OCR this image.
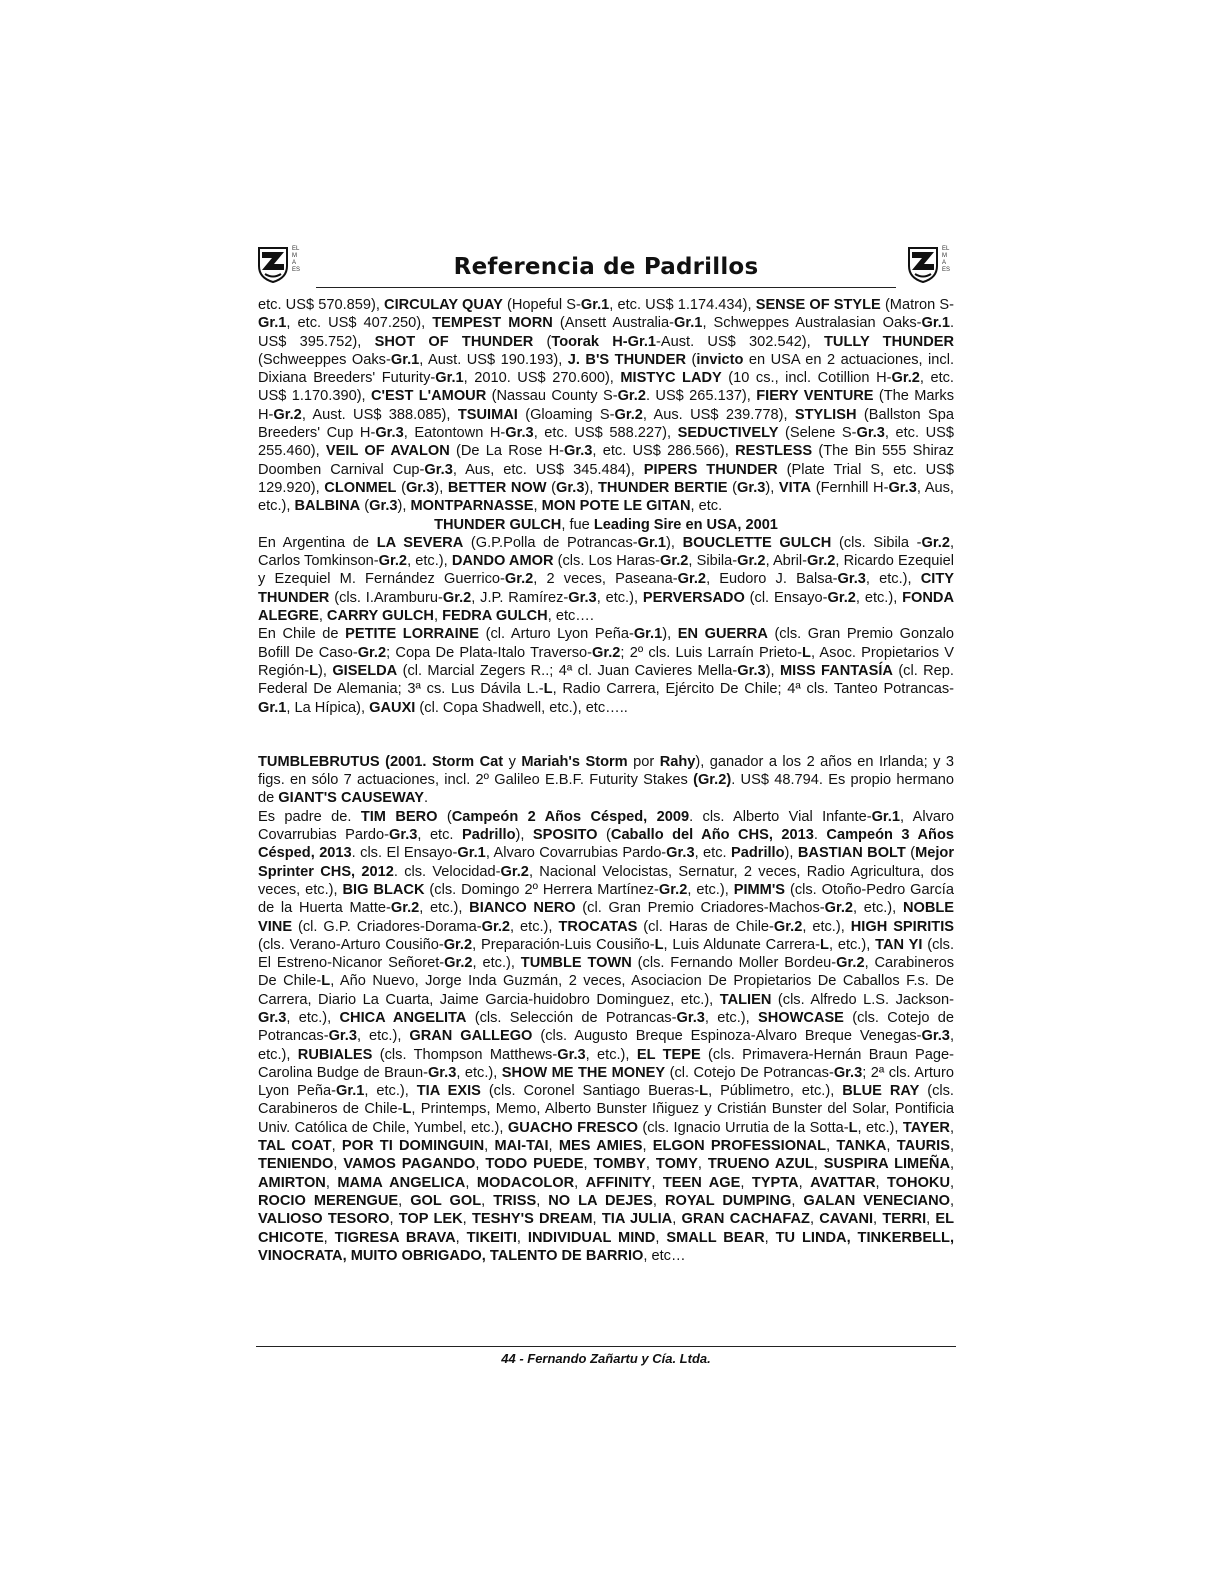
ELMA ES	Referencia de Padrillos
ELMA ES

etc. US$ 570.859), CIRCULAY QUAY (Hopeful S-Gr.1, etc. US$ 1.174.434), SENSE OF STYLE (Matron S-Gr.1, etc. US$ 407.250), TEMPEST MORN (Ansett Australia-Gr.1, Schweppes Australasian Oaks-Gr.1. US$ 395.752), SHOT OF THUNDER (Toorak H-Gr.1-Aust. US$ 302.542), TULLY THUNDER (Schweeppes Oaks-Gr.1, Aust. US$ 190.193), J. B'S THUNDER (invicto en USA en 2 actuaciones, incl. Dixiana Breeders' Futurity-Gr.1, 2010. US$ 270.600), MISTYC LADY (10 cs., incl. Cotillion H-Gr.2, etc. US$ 1.170.390), C'EST L'AMOUR (Nassau County S-Gr.2. US$ 265.137), FIERY VENTURE (The Marks H-Gr.2, Aust. US$ 388.085), TSUIMAI (Gloaming S-Gr.2, Aus. US$ 239.778), STYLISH (Ballston Spa Breeders' Cup H-Gr.3, Eatontown H-Gr.3, etc. US$ 588.227), SEDUCTIVELY (Selene S-Gr.3, etc. US$ 255.460), VEIL OF AVALON (De La Rose H-Gr.3, etc. US$ 286.566), RESTLESS (The Bin 555 Shiraz Doomben Carnival Cup-Gr.3, Aus, etc. US$ 345.484), PIPERS THUNDER (Plate Trial S, etc. US$ 129.920), CLONMEL (Gr.3), BETTER NOW (Gr.3), THUNDER BERTIE (Gr.3), VITA (Fernhill H-Gr.3, Aus, etc.), BALBINA (Gr.3), MONTPARNASSE, MON POTE LE GITAN, etc.

THUNDER GULCH, fue Leading Sire en USA, 2001

En Argentina de LA SEVERA (G.P.Polla de Potrancas-Gr.1), BOUCLETTE GULCH (cls. Sibila -Gr.2, Carlos Tomkinson-Gr.2, etc.), DANDO AMOR (cls. Los Haras-Gr.2, Sibila-Gr.2, Abril-Gr.2, Ricardo Ezequiel y Ezequiel M. Fernández Guerrico-Gr.2, 2 veces, Paseana-Gr.2, Eudoro J. Balsa-Gr.3, etc.), CITY THUNDER (cls. I.Aramburu-Gr.2, J.P. Ramírez-Gr.3, etc.), PERVERSADO (cl. Ensayo-Gr.2, etc.), FONDA ALEGRE, CARRY GULCH, FEDRA GULCH, etc….

En Chile de PETITE LORRAINE (cl. Arturo Lyon Peña-Gr.1), EN GUERRA (cls. Gran Premio Gonzalo Bofill De Caso-Gr.2; Copa De Plata-Italo Traverso-Gr.2; 2º cls. Luis Larraín Prieto-L, Asoc. Propietarios V Región-L), GISELDA (cl. Marcial Zegers R..; 4ª cl. Juan Cavieres Mella-Gr.3), MISS FANTASÍA (cl. Rep. Federal De Alemania; 3ª cs. Lus Dávila L.-L, Radio Carrera, Ejército De Chile; 4ª cls. Tanteo Potrancas-Gr.1, La Hípica), GAUXI (cl. Copa Shadwell, etc.), etc…..

TUMBLEBRUTUS (2001. Storm Cat y Mariah's Storm por Rahy), ganador a los 2 años en Irlanda; y 3 figs. en sólo 7 actuaciones, incl. 2º Galileo E.B.F. Futurity Stakes (Gr.2). US$ 48.794. Es propio hermano de GIANT'S CAUSEWAY.

Es padre de. TIM BERO (Campeón 2 Años Césped, 2009. cls. Alberto Vial Infante-Gr.1, Alvaro Covarrubias Pardo-Gr.3, etc. Padrillo), SPOSITO (Caballo del Año CHS, 2013. Campeón 3 Años Césped, 2013. cls. El Ensayo-Gr.1, Alvaro Covarrubias Pardo-Gr.3, etc. Padrillo), BASTIAN BOLT (Mejor Sprinter CHS, 2012. cls. Velocidad-Gr.2, Nacional Velocistas, Sernatur, 2 veces, Radio Agricultura, dos veces, etc.), BIG BLACK (cls. Domingo 2º Herrera Martínez-Gr.2, etc.), PIMM'S (cls. Otoño-Pedro García de la Huerta Matte-Gr.2, etc.), BIANCO NERO (cl. Gran Premio Criadores-Machos-Gr.2, etc.), NOBLE VINE (cl. G.P. Criadores-Dorama-Gr.2, etc.), TROCATAS (cl. Haras de Chile-Gr.2, etc.), HIGH SPIRITIS (cls. Verano-Arturo Cousiño-Gr.2, Preparación-Luis Cousiño-L, Luis Aldunate Carrera-L, etc.), TAN YI (cls. El Estreno-Nicanor Señoret-Gr.2, etc.), TUMBLE TOWN (cls. Fernando Moller Bordeu-Gr.2, Carabineros De Chile-L, Año Nuevo, Jorge Inda Guzmán, 2 veces, Asociacion De Propietarios De Caballos F.s. De Carrera, Diario La Cuarta, Jaime Garcia-huidobro Dominguez, etc.), TALIEN (cls. Alfredo L.S. Jackson-Gr.3, etc.), CHICA ANGELITA (cls. Selección de Potrancas-Gr.3, etc.), SHOWCASE (cls. Cotejo de Potrancas-Gr.3, etc.), GRAN GALLEGO (cls. Augusto Breque Espinoza-Alvaro Breque Venegas-Gr.3, etc.), RUBIALES (cls. Thompson Matthews-Gr.3, etc.), EL TEPE (cls. Primavera-Hernán Braun Page-Carolina Budge de Braun-Gr.3, etc.), SHOW ME THE MONEY (cl. Cotejo De Potrancas-Gr.3; 2ª cls. Arturo Lyon Peña-Gr.1, etc.), TIA EXIS (cls. Coronel Santiago Bueras-L, Públimetro, etc.), BLUE RAY (cls. Carabineros de Chile-L, Printemps, Memo, Alberto Bunster Iñiguez y Cristián Bunster del Solar, Pontificia Univ. Católica de Chile, Yumbel, etc.), GUACHO FRESCO (cls. Ignacio Urrutia de la Sotta-L, etc.), TAYER, TAL COAT, POR TI DOMINGUIN, MAI-TAI, MES AMIES, ELGON PROFESSIONAL, TANKA, TAURIS, TENIENDO, VAMOS PAGANDO, TODO PUEDE, TOMBY, TOMY, TRUENO AZUL, SUSPIRA LIMEÑA, AMIRTON, MAMA ANGELICA, MODACOLOR, AFFINITY, TEEN AGE, TYPTA, AVATTAR, TOHOKU, ROCIO MERENGUE, GOL GOL, TRISS, NO LA DEJES, ROYAL DUMPING, GALAN VENECIANO, VALIOSO TESORO, TOP LEK, TESHY'S DREAM, TIA JULIA, GRAN CACHAFAZ, CAVANI, TERRI, EL CHICOTE, TIGRESA BRAVA, TIKEITI, INDIVIDUAL MIND, SMALL BEAR, TU LINDA, TINKERBELL, VINOCRATA, MUITO OBRIGADO, TALENTO DE BARRIO, etc…

44 - Fernando Zañartu y Cía. Ltda.
